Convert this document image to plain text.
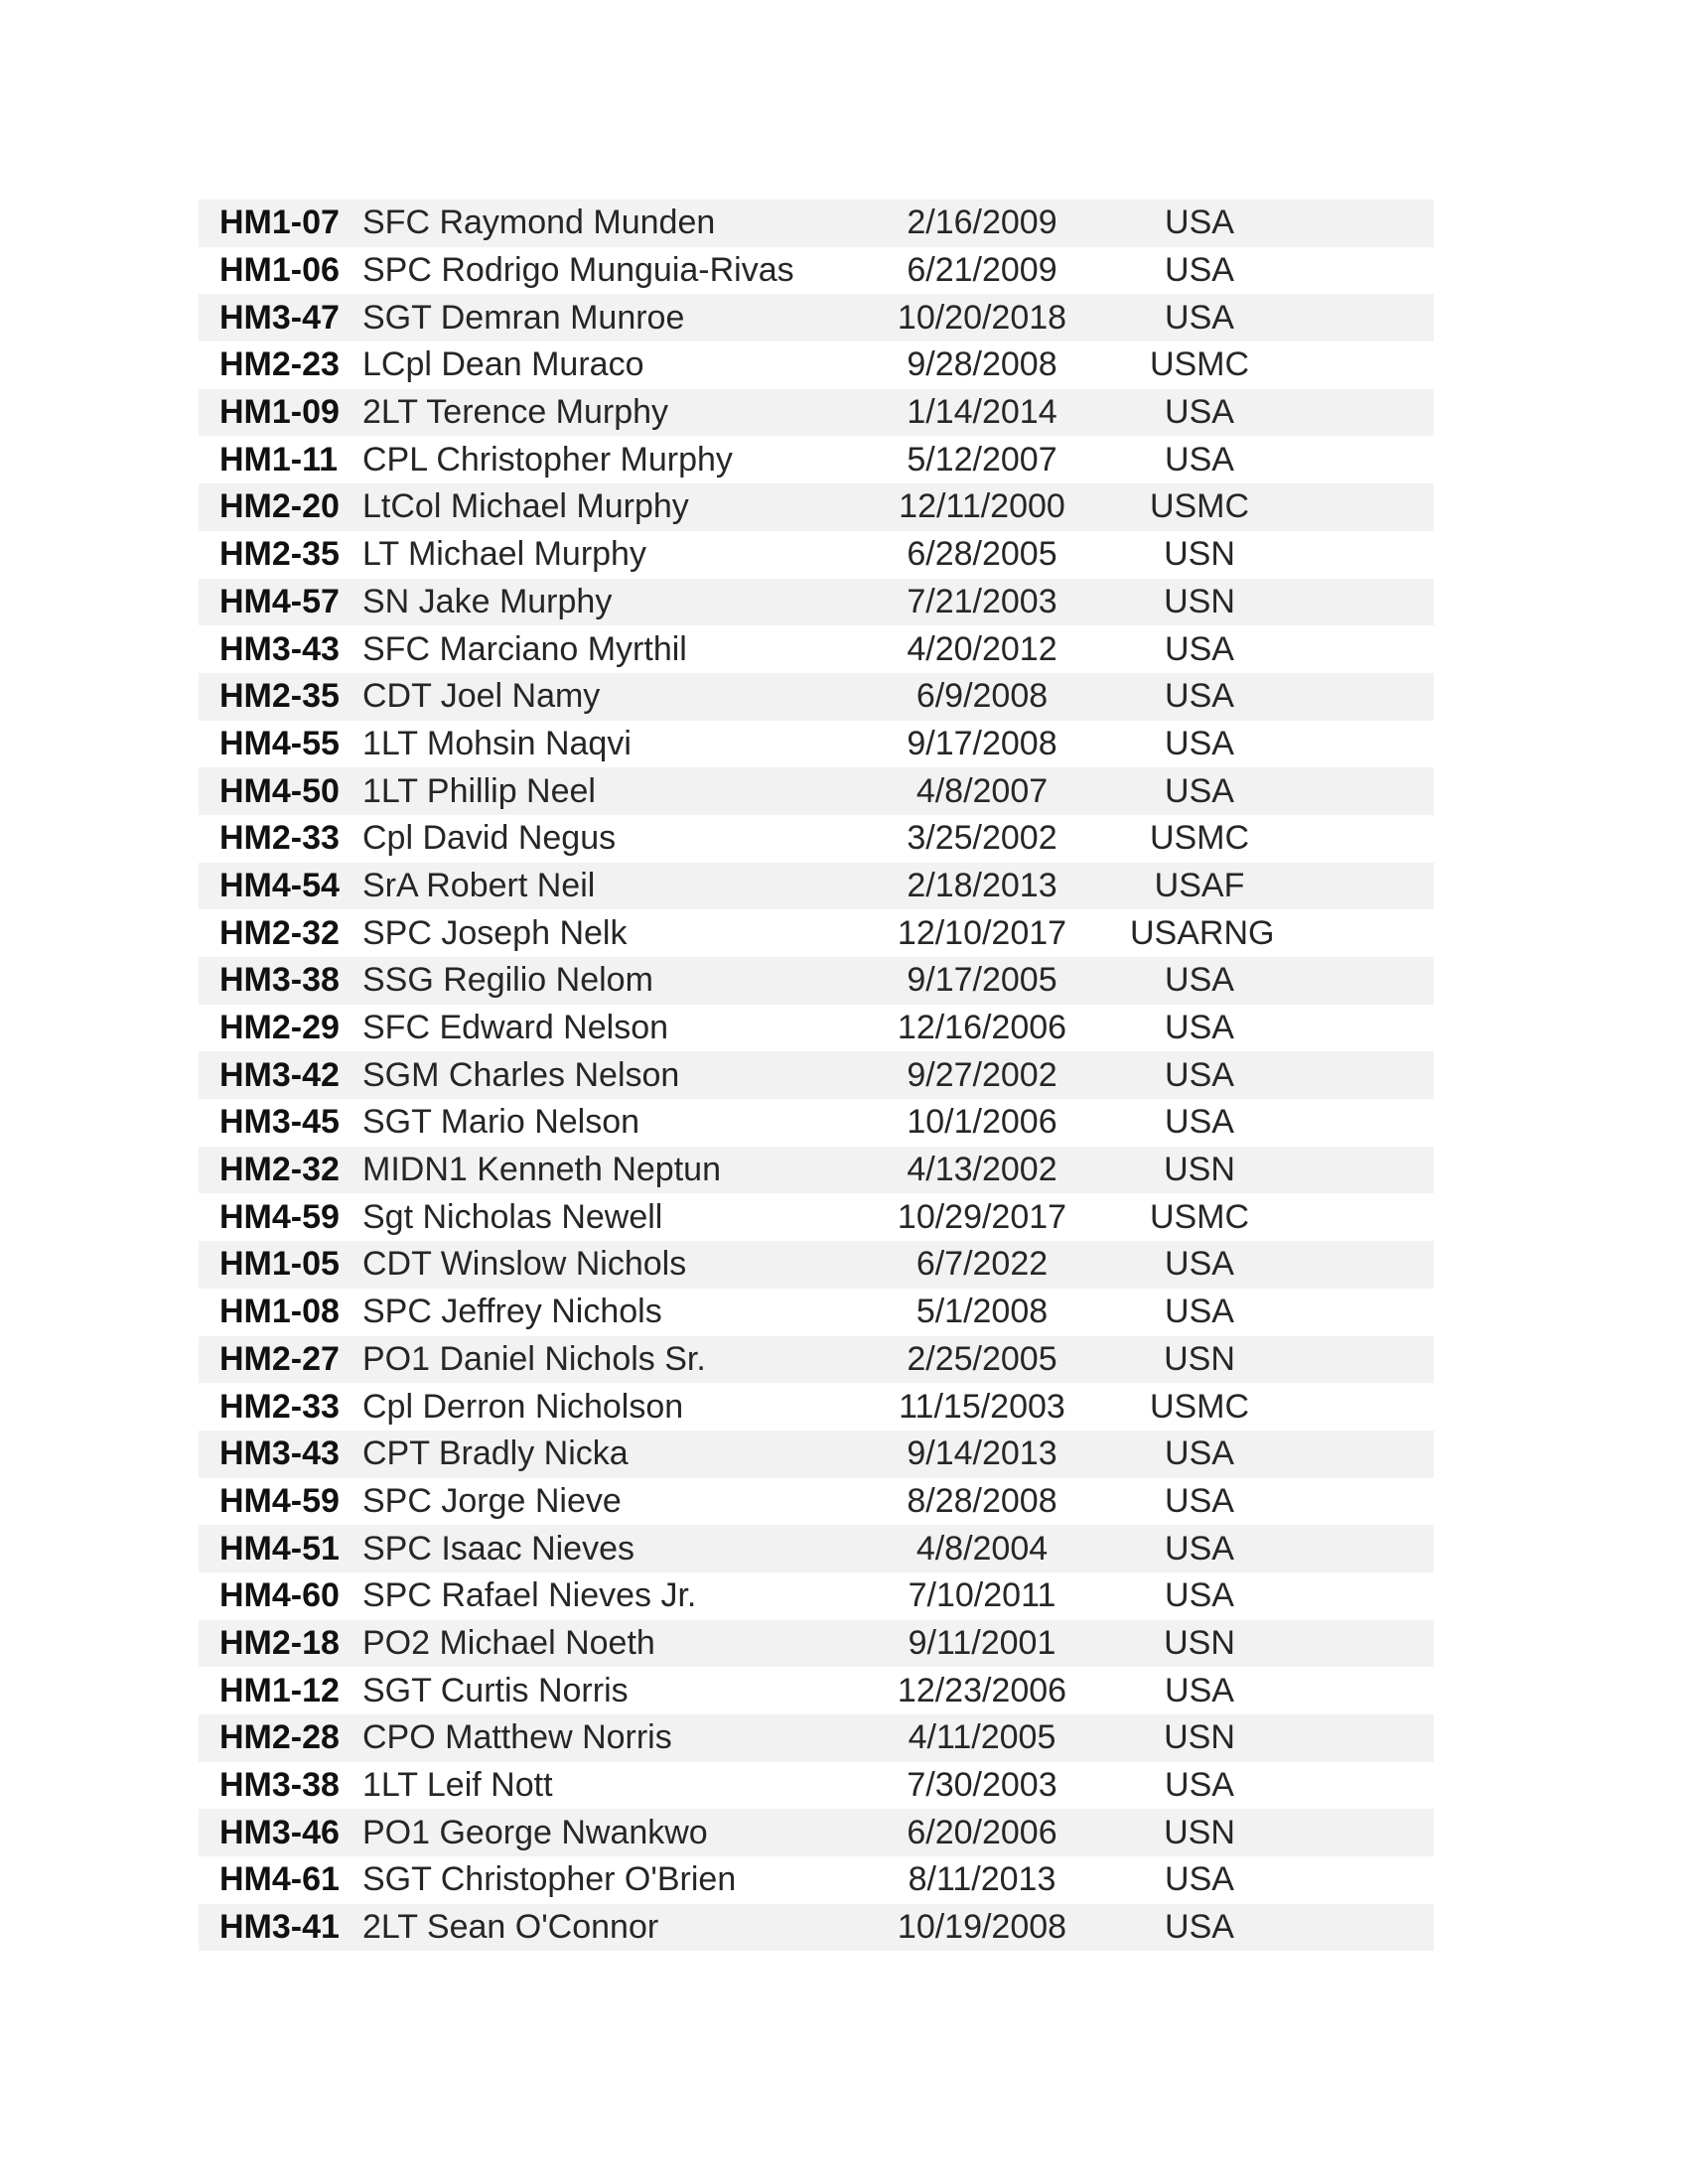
HM1-07 SFC Raymond Munden	2/16/2009	USA
HM1-06 SPC Rodrigo Munguia-Rivas	6/21/2009	USA
HM3-47 SGT Demran Munroe	10/20/2018	USA
HM2-23 LCpl Dean Muraco	9/28/2008	USMC
HM1-09 2LT Terence Murphy	1/14/2014	USA
HM1-11 CPL Christopher Murphy	5/12/2007	USA
HM2-20 LtCol Michael Murphy	12/11/2000	USMC
HM2-35 LT Michael Murphy	6/28/2005	USN
HM4-57 SN Jake Murphy	7/21/2003	USN
HM3-43 SFC Marciano Myrthil	4/20/2012	USA
HM2-35 CDT Joel Namy	6/9/2008	USA
HM4-55 1LT Mohsin Naqvi	9/17/2008	USA
HM4-50 1LT Phillip Neel	4/8/2007	USA
HM2-33 Cpl David Negus	3/25/2002	USMC
HM4-54 SrA Robert Neil	2/18/2013	USAF
HM2-32 SPC Joseph Nelk	12/10/2017 USARNG
HM3-38 SSG Regilio Nelom	9/17/2005	USA
HM2-29 SFC Edward Nelson	12/16/2006	USA
HM3-42 SGM Charles Nelson	9/27/2002	USA
HM3-45 SGT Mario Nelson	10/1/2006	USA
HM2-32 MIDN1 Kenneth Neptun	4/13/2002	USN
HM4-59 Sgt Nicholas Newell	10/29/2017	USMC
HM1-05 CDT Winslow Nichols	6/7/2022	USA
HM1-08 SPC Jeffrey Nichols	5/1/2008	USA
HM2-27 PO1 Daniel Nichols Sr.	2/25/2005	USN
HM2-33 Cpl Derron Nicholson	11/15/2003	USMC
HM3-43 CPT Bradly Nicka	9/14/2013	USA
HM4-59 SPC Jorge Nieve	8/28/2008	USA
HM4-51 SPC Isaac Nieves	4/8/2004	USA
HM4-60 SPC Rafael Nieves Jr.	7/10/2011	USA
HM2-18 PO2 Michael Noeth	9/11/2001	USN
HM1-12 SGT Curtis Norris	12/23/2006	USA
HM2-28 CPO Matthew Norris	4/11/2005	USN
HM3-38 1LT Leif Nott	7/30/2003	USA
HM3-46 PO1 George Nwankwo	6/20/2006	USN
HM4-61 SGT Christopher O'Brien	8/11/2013	USA
HM3-41 2LT Sean O'Connor	10/19/2008	USA
